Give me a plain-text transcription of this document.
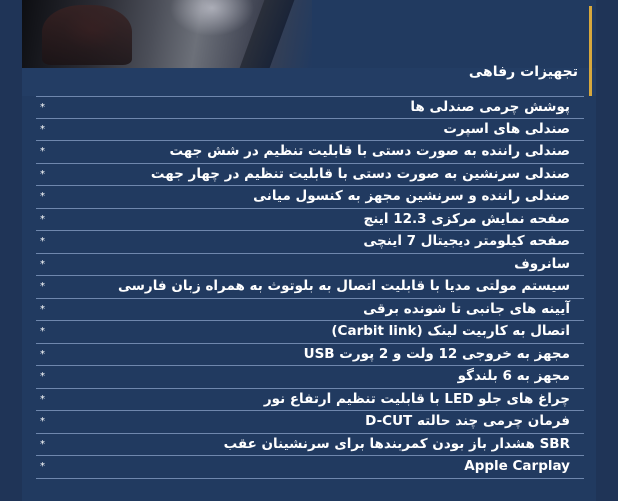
تجهیزات رفاهی
پوشش چرمی صندلی ها
*
صندلی های اسپرت
*
صندلی راننده به صورت دستی با قابلیت تنظیم در شش جهت
*
صندلی سرنشین به صورت دستی با قابلیت تنظیم در چهار جهت
*
صندلی راننده و سرنشین مجهز به کنسول میانی
*
صفحه نمایش مرکزی 12.3 اینچ
*
صفحه کیلومتر دیجیتال 7 اینچی
*
سانروف
*
سیستم مولتی مدیا با قابلیت اتصال به بلوتوث به همراه زبان فارسی
*
آیینه های جانبی تا شونده برقی
*
اتصال به کاربیت لینک (Carbit link)
*
مجهز به خروجی 12 ولت و 2 پورت USB
*
مجهز به 6 بلندگو
*
چراغ های جلو LED با قابلیت تنظیم ارتفاع نور
*
فرمان چرمی چند حالته D-CUT
*
SBR هشدار باز بودن کمربندها برای سرنشینان عقب
*
Apple Carplay
*
